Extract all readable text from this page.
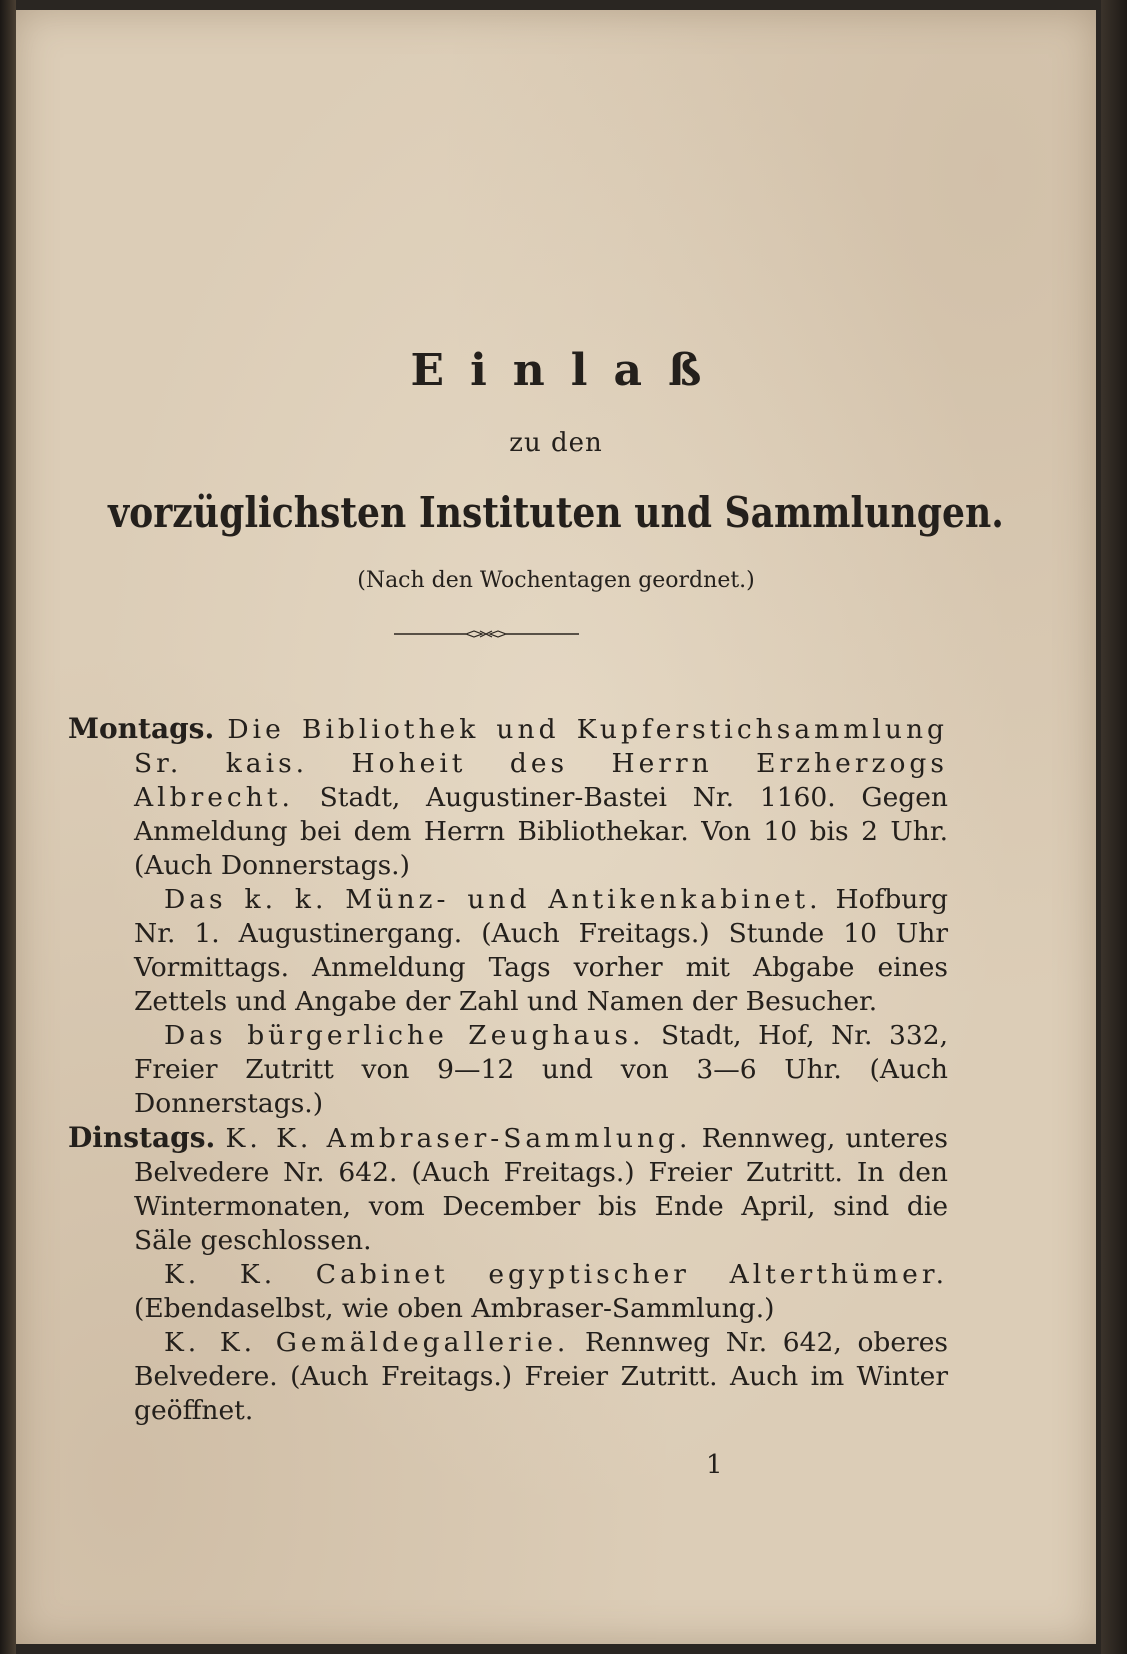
Einlaß
zu den
vorzüglichsten Instituten und Sammlungen.
(Nach den Wochentagen geordnet.)

Montags. Die Bibliothek und Kupferstichsammlung Sr. kais. Hoheit des Herrn Erzherzogs Albrecht. Stadt, Augustiner-Bastei Nr. 1160. Gegen Anmeldung bei dem Herrn Bibliothekar. Von 10 bis 2 Uhr. (Auch Donnerstags.)

Das k. k. Münz- und Antikenkabinet. Hofburg Nr. 1. Augustinergang. (Auch Freitags.) Stunde 10 Uhr Vormittags. Anmeldung Tags vorher mit Abgabe eines Zettels und Angabe der Zahl und Namen der Besucher.

Das bürgerliche Zeughaus. Stadt, Hof, Nr. 332, Freier Zutritt von 9—12 und von 3—6 Uhr. (Auch Donnerstags.)

Dinstags. K. K. Ambraser-Sammlung. Rennweg, unteres Belvedere Nr. 642. (Auch Freitags.) Freier Zutritt. In den Wintermonaten, vom December bis Ende April, sind die Säle geschlossen.

K. K. Cabinet egyptischer Alterthümer. (Ebendaselbst, wie oben Ambraser-Sammlung.)

K. K. Gemäldegallerie. Rennweg Nr. 642, oberes Belvedere. (Auch Freitags.) Freier Zutritt. Auch im Winter geöffnet.

1
